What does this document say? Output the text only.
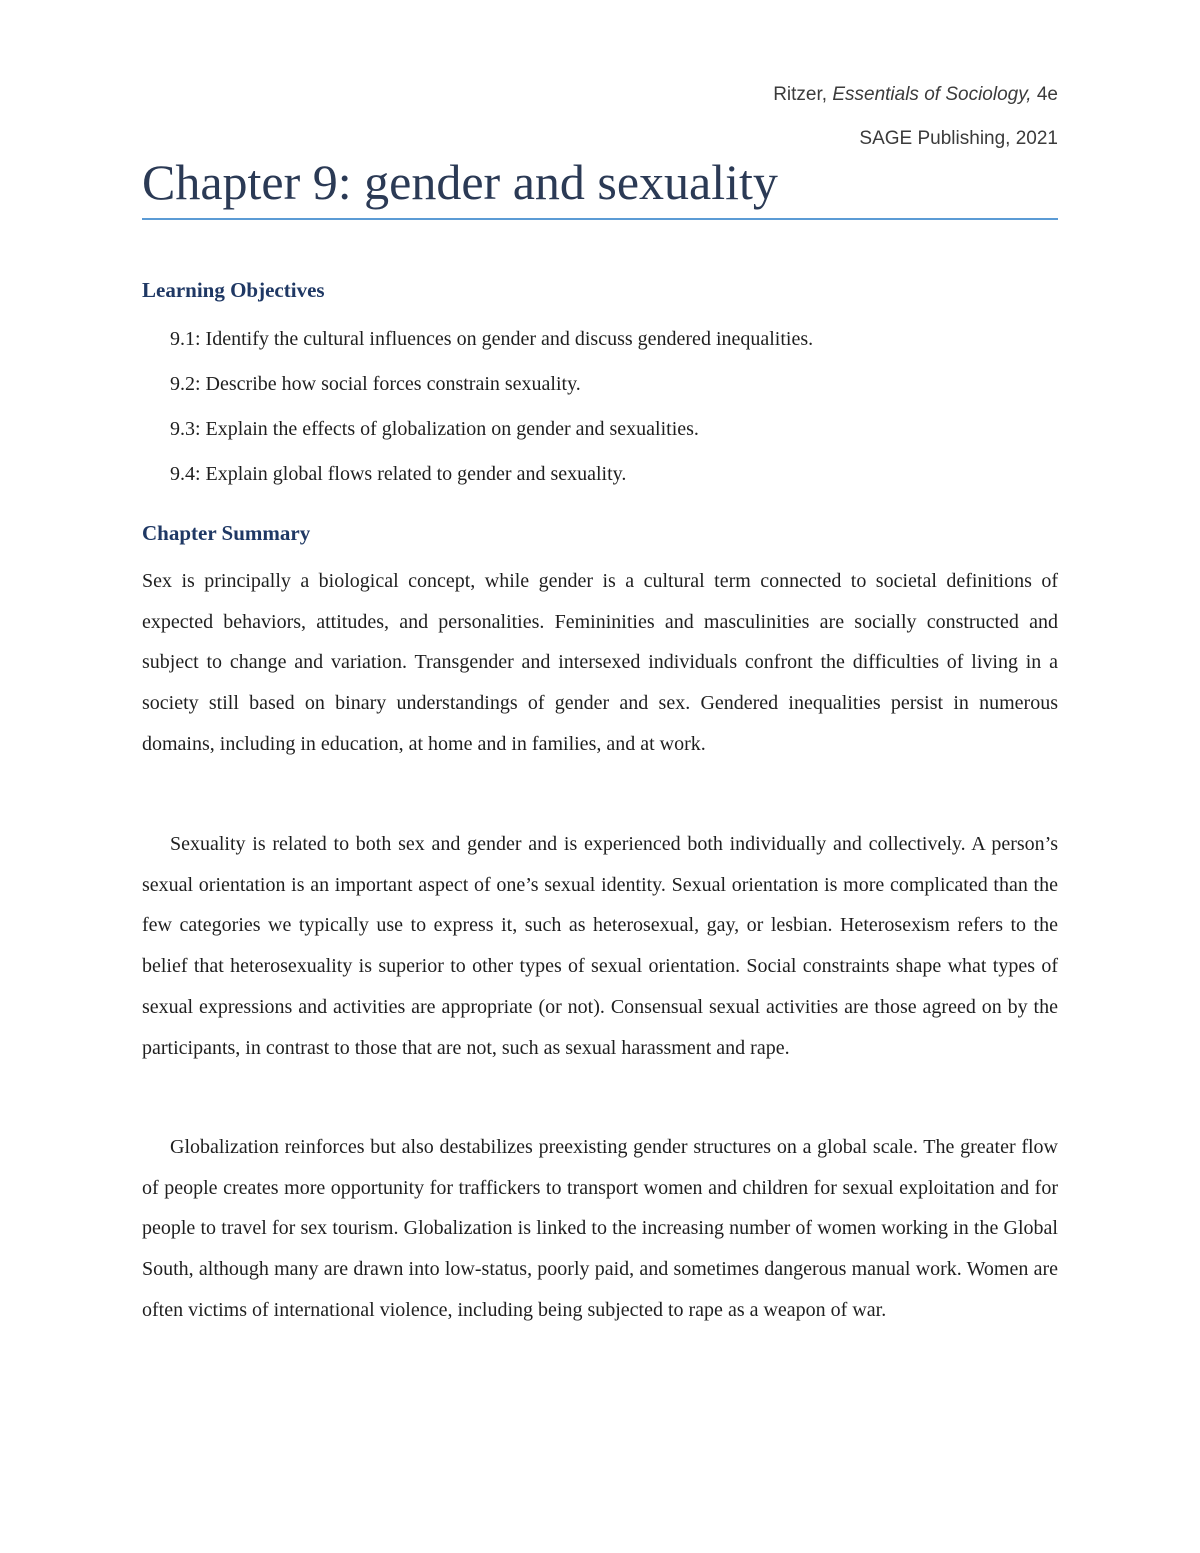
Ritzer, Essentials of Sociology, 4e
SAGE Publishing, 2021
Chapter 9: gender and sexuality
Learning Objectives
9.1: Identify the cultural influences on gender and discuss gendered inequalities.
9.2: Describe how social forces constrain sexuality.
9.3: Explain the effects of globalization on gender and sexualities.
9.4: Explain global flows related to gender and sexuality.
Chapter Summary

Sex is principally a biological concept, while gender is a cultural term connected to societal definitions of expected behaviors, attitudes, and personalities. Femininities and masculinities are socially constructed and subject to change and variation. Transgender and intersexed individuals confront the difficulties of living in a society still based on binary understandings of gender and sex. Gendered inequalities persist in numerous domains, including in education, at home and in families, and at work.

Sexuality is related to both sex and gender and is experienced both individually and collectively. A person’s sexual orientation is an important aspect of one’s sexual identity. Sexual orientation is more complicated than the few categories we typically use to express it, such as heterosexual, gay, or lesbian. Heterosexism refers to the belief that heterosexuality is superior to other types of sexual orientation. Social constraints shape what types of sexual expressions and activities are appropriate (or not). Consensual sexual activities are those agreed on by the participants, in contrast to those that are not, such as sexual harassment and rape.

Globalization reinforces but also destabilizes preexisting gender structures on a global scale. The greater flow of people creates more opportunity for traffickers to transport women and children for sexual exploitation and for people to travel for sex tourism. Globalization is linked to the increasing number of women working in the Global South, although many are drawn into low-status, poorly paid, and sometimes dangerous manual work. Women are often victims of international violence, including being subjected to rape as a weapon of war.
